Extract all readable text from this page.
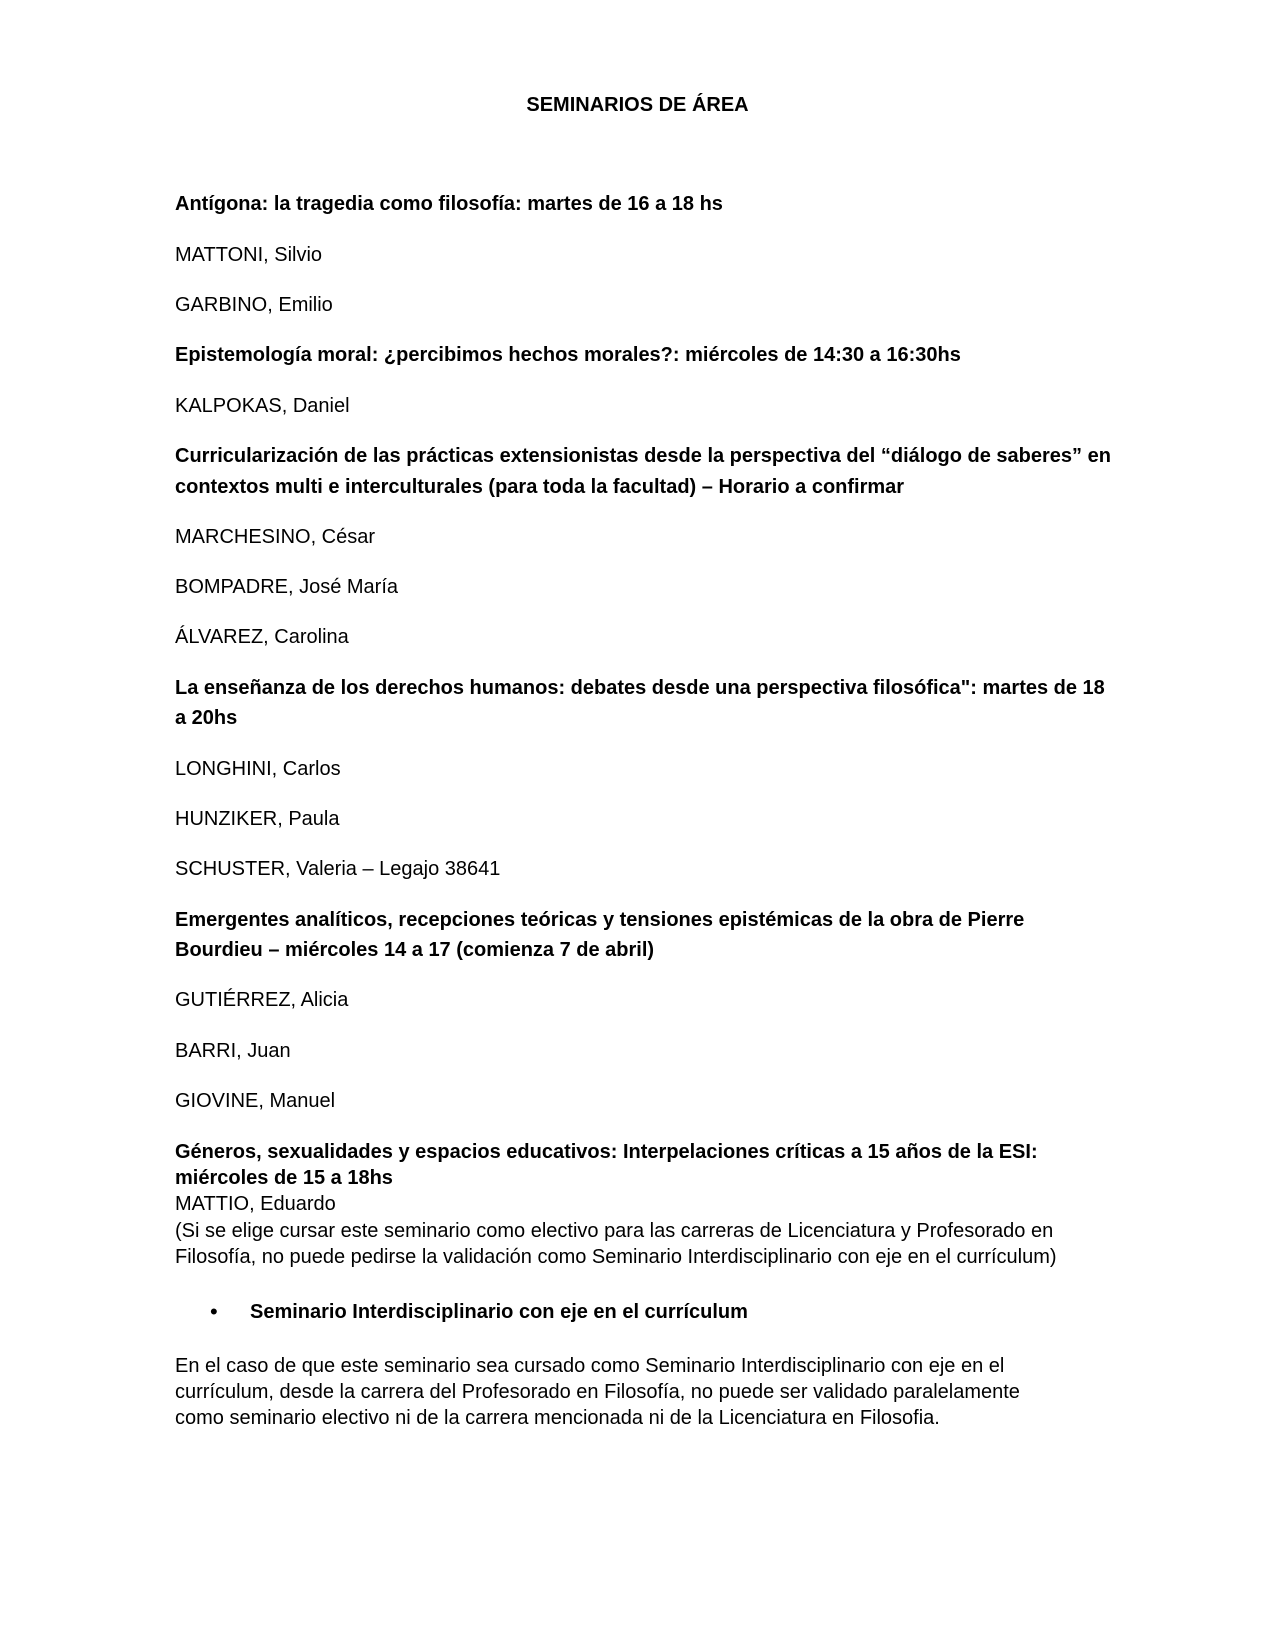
SEMINARIOS DE ÁREA
Antígona: la tragedia como filosofía: martes de 16 a 18 hs
MATTONI, Silvio
GARBINO, Emilio
Epistemología moral: ¿percibimos hechos morales?: miércoles de 14:30 a 16:30hs
KALPOKAS, Daniel
Curricularización de las prácticas extensionistas desde la perspectiva del “diálogo de saberes” en
contextos multi e interculturales (para toda la facultad) – Horario a confirmar
MARCHESINO, César
BOMPADRE, José María
ÁLVAREZ, Carolina
La enseñanza de los derechos humanos: debates desde una perspectiva filosófica": martes de 18
a 20hs
LONGHINI, Carlos
HUNZIKER, Paula
SCHUSTER, Valeria – Legajo 38641
Emergentes analíticos, recepciones teóricas y tensiones epistémicas de la obra de Pierre
Bourdieu – miércoles 14 a 17 (comienza 7 de abril)
GUTIÉRREZ, Alicia
BARRI, Juan
GIOVINE, Manuel
Géneros, sexualidades y espacios educativos: Interpelaciones críticas a 15 años de la ESI:
miércoles de 15 a 18hs
MATTIO, Eduardo
(Si se elige cursar este seminario como electivo para las carreras de Licenciatura y Profesorado en
Filosofía, no puede pedirse la validación como Seminario Interdisciplinario con eje en el currículum)
• Seminario Interdisciplinario con eje en el currículum
En el caso de que este seminario sea cursado como Seminario Interdisciplinario con eje en el
currículum, desde la carrera del Profesorado en Filosofía, no puede ser validado paralelamente
como seminario electivo ni de la carrera mencionada ni de la Licenciatura en Filosofia.
